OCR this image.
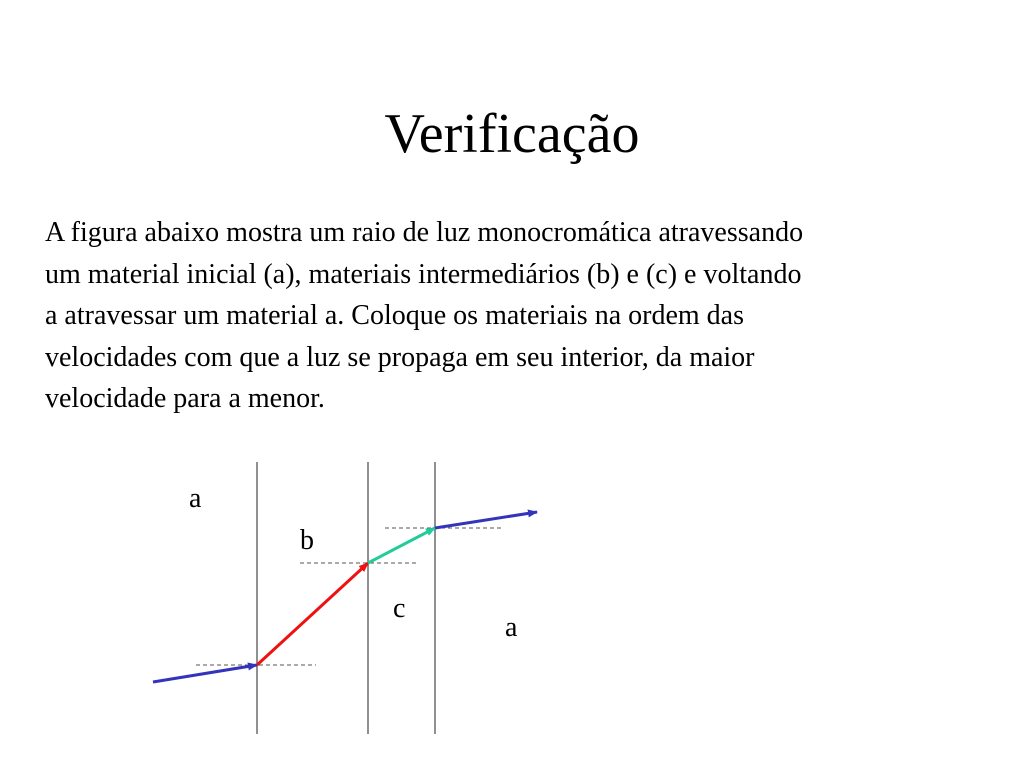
Verificação
A figura abaixo mostra um raio de luz monocromática atravessando
um material inicial (a), materiais intermediários (b) e (c) e voltando
a atravessar um material a. Coloque os materiais na ordem das
velocidades com que a luz se propaga em seu interior, da maior
velocidade para a menor.
a
b
c
a
